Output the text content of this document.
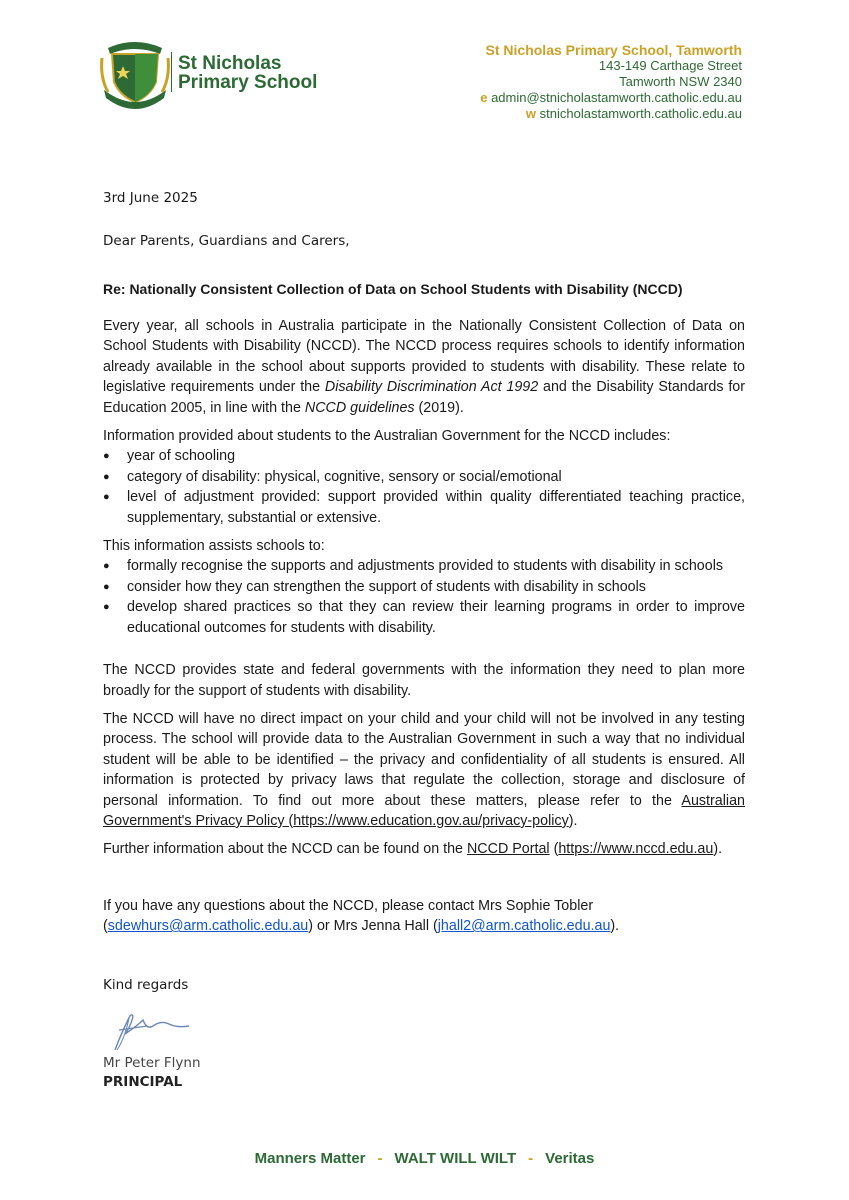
St Nicholas
Primary School
St Nicholas Primary School, Tamworth
143-149 Carthage Street
Tamworth NSW 2340
e admin@stnicholastamworth.catholic.edu.au
w stnicholastamworth.catholic.edu.au
3rd June 2025
Dear Parents, Guardians and Carers,
Re: Nationally Consistent Collection of Data on School Students with Disability (NCCD)

Every year, all schools in Australia participate in the Nationally Consistent Collection of Data on School Students with Disability (NCCD). The NCCD process requires schools to identify information already available in the school about supports provided to students with disability. These relate to legislative requirements under the Disability Discrimination Act 1992 and the Disability Standards for Education 2005, in line with the NCCD guidelines (2019).

Information provided about students to the Australian Government for the NCCD includes:

● year of schooling
● category of disability: physical, cognitive, sensory or social/emotional
● level of adjustment provided: support provided within quality differentiated teaching practice, supplementary, substantial or extensive.

This information assists schools to:

● formally recognise the supports and adjustments provided to students with disability in schools
● consider how they can strengthen the support of students with disability in schools
● develop shared practices so that they can review their learning programs in order to improve educational outcomes for students with disability.

The NCCD provides state and federal governments with the information they need to plan more broadly for the support of students with disability.

The NCCD will have no direct impact on your child and your child will not be involved in any testing process. The school will provide data to the Australian Government in such a way that no individual student will be able to be identified – the privacy and confidentiality of all students is ensured. All information is protected by privacy laws that regulate the collection, storage and disclosure of personal information. To find out more about these matters, please refer to the Australian Government's Privacy Policy (https://www.education.gov.au/privacy-policy).

Further information about the NCCD can be found on the NCCD Portal (https://www.nccd.edu.au).

If you have any questions about the NCCD, please contact Mrs Sophie Tobler (sdewhurs@arm.catholic.edu.au) or Mrs Jenna Hall (jhall2@arm.catholic.edu.au).

Kind regards
Mr Peter Flynn
PRINCIPAL
Manners Matter - WALT WILL WILT - Veritas
